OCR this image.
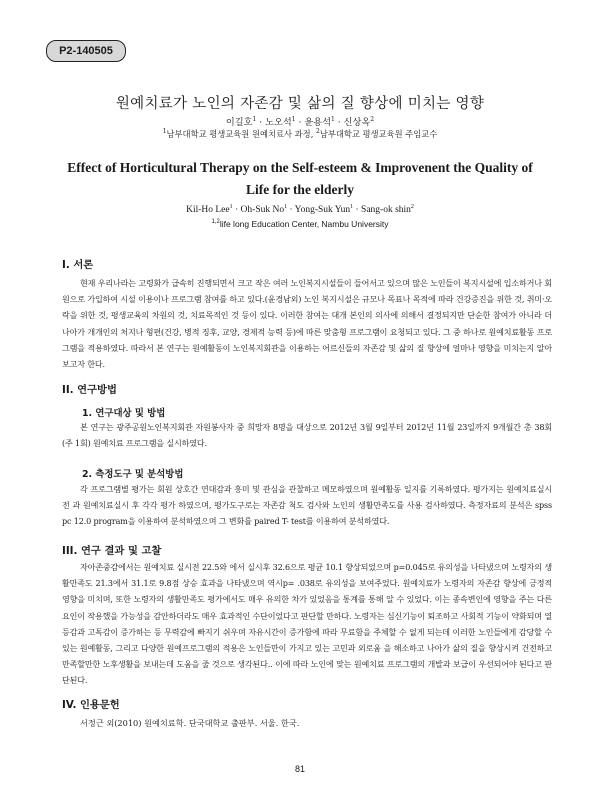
P2-140505
원예치료가 노인의 자존감 및 삶의 질 향상에 미치는 영향
이길호$^1$ · 노오석$^1$ · 윤용석$^1$ · 신상옥$^2$
$^1$남부대학교 평생교육원 원예치료사 과정, $^2$남부대학교 평생교육원 주임교수
Effect of Horticultural Therapy on the Self-esteem & Improvenent the Quality of Life for the elderly
Kil-Ho Lee$^1$ · Oh-Suk $No^1$ · Yong-Suk Yun$^1$ · Sang-ok shin$^2$
$^{1,2}$life long Education Center, Nambu University
I. 서론

현재 우리나라는 고령화가 급속히 진행되면서 크고 작은 여러 노인복지시설들이 들어서고 있으며 많은 노인들이 복지시설에 입소하거나 회원으로 가입하여 시설 이용이나 프로그램 참여를 하고 있다.(윤경남외) 노인 복지시설은 규모나 목표나 목적에 따라 건강증진을 위한 것, 취미·오락을 위한 것, 평생교육의 차원의 것, 치료목적인 것 등이 있다. 이러한 참여는 대개 본인의 의사에 의해서 결정되지만 단순한 참여가 아니라 더 나아가 개개인의 처지나 형편(건강, 병적 징후, 교양, 경제적 능력 등)에 따른 맞춤형 프로그램이 요청되고 있다. 그 중 하나로 원예치료활동 프로그램을 적용하였다. 따라서 본 연구는 원예활동이 노인복지회관을 이용하는 어르신들의 자존감 및 삶의 질 향상에 얼마나 영향을 미치는지 알아보고자 한다.

II. 연구방법
1. 연구대상 및 방법

본 연구는 광주공원노인복지회관 자원봉사자 중 희망자 8명을 대상으로 2012년 3월 9일부터 2012년 11월 23일까지 9개월간 총 38회(주 1회) 원예치료 프로그램을 실시하였다.

2. 측정도구 및 분석방법

각 프로그램별 평가는 회원 상호간 연대감과 흥미 및 관심을 관찰하고 메모하였으며 원예활동 일지를 기록하였다. 평가지는 원예치료실시전 과 원예치료실시 후 각각 평가 하였으며, 평가도구로는 자존감 척도 검사와 노인의 생활만족도를 사용 검사하였다. 측정자료의 분석은 spss pc 12.0 program을 이용하여 분석하였으며 그 변화를 paired T- test를 이용하여 분석하였다.

III. 연구 결과 및 고찰

자아존중감에서는 원예치료 실시전 22.5와 에서 실시후 32.6으로 평균 10.1 향상되었으며 p=0.045로 유의성을 나타냈으며 노령자의 생활만족도 21.3에서 31.1로 9.8점 상승 효과을 나타냈으며 역시p= .038로 유의성을 보여주었다. 원예치료가 노령자의 자존감 향상에 긍정적 영향을 미치며, 또한 노령자의 생활만족도 평가에서도 매우 유의한 차가 있었음을 통계를 통해 알 수 있었다. 이는 종속변인에 영향을 주는 다른 요인이 작용했을 가능성을 감안하더라도 매우 효과적인 수단이었다고 판단할 만하다. 노령자는 심신기능이 퇴조하고 사회적 기능이 약화되며 열등감과 고독감이 증가하는 등 무력감에 빠지기 쉬우며 자유시간이 증가함에 따라 무료함을 주체할 수 없게 되는데 이러한 노인들에게 감당할 수 있는 원예활동, 그리고 다양한 원예프로그램의 적용은 노인들만이 가지고 있는 고민과 외로움 을 해소하고 나아가 삶의 질을 향상시켜 건전하고 만족할만한 노후생활을 보내는데 도움을 줄 것으로 생각된다.. 이에 따라 노인에 맞는 원예치료 프로그램의 개발과 보급이 우선되어야 된다고 판단된다.

IV. 인용문헌
서정근 외(2010) 원예치료학. 단국대학교 출판부. 서울. 한국.
81
